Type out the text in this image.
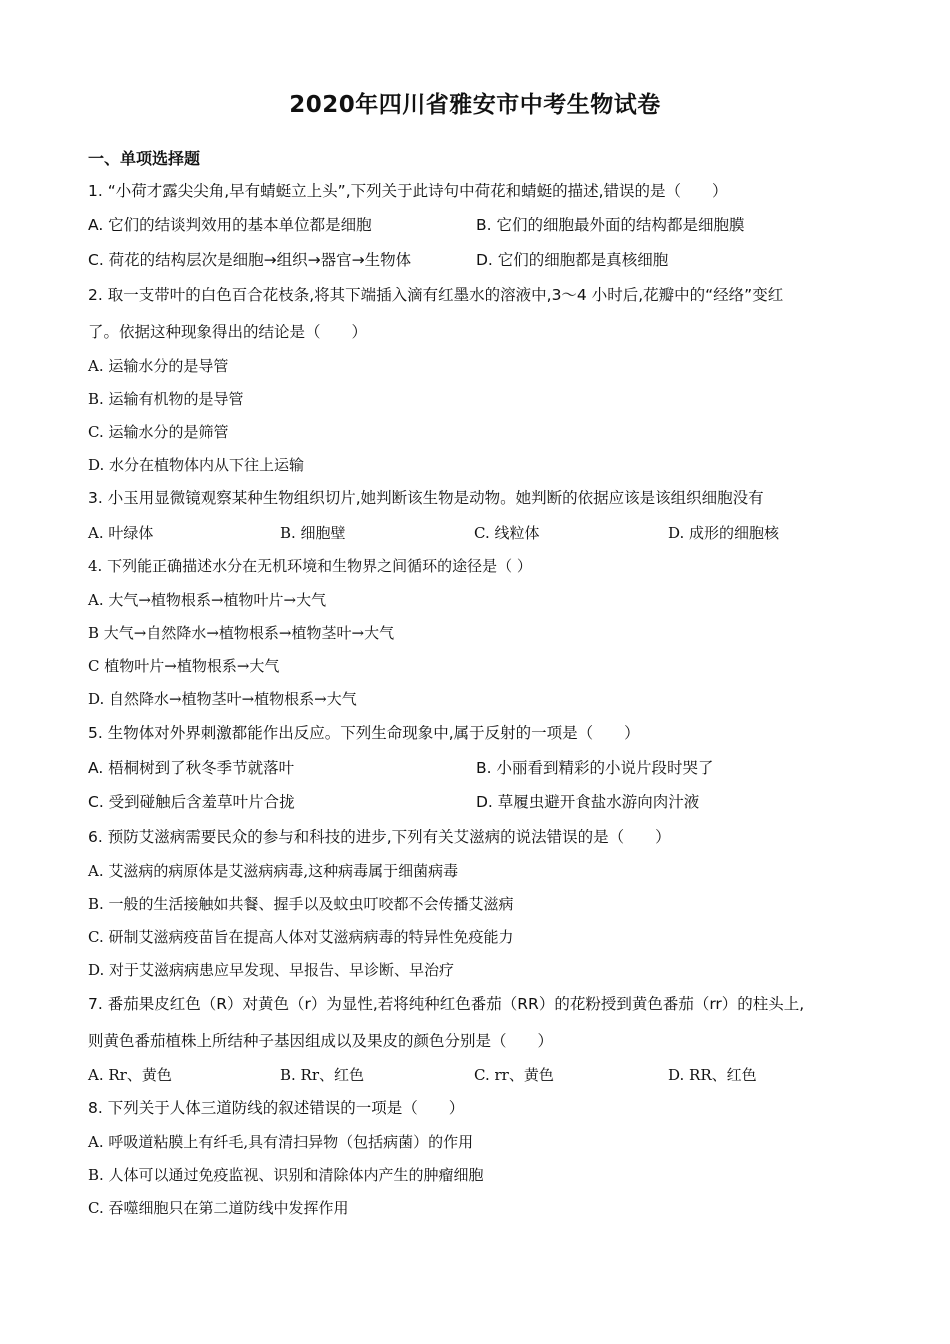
2020年四川省雅安市中考生物试卷
一、单项选择题
1. “小荷才露尖尖角,早有蜻蜓立上头”,下列关于此诗句中荷花和蜻蜓的描述,错误的是（　　）
A. 它们的结谈判效用的基本单位都是细胞	B. 它们的细胞最外面的结构都是细胞膜
C. 荷花的结构层次是细胞→组织→器官→生物体	D. 它们的细胞都是真核细胞
2. 取一支带叶的白色百合花枝条,将其下端插入滴有红墨水的溶液中,3～4 小时后,花瓣中的“经络”变红
了。依据这种现象得出的结论是（　　）
A. 运输水分的是导管
B. 运输有机物的是导管
C. 运输水分的是筛管
D. 水分在植物体内从下往上运输
3. 小玉用显微镜观察某种生物组织切片,她判断该生物是动物。她判断的依据应该是该组织细胞没有
A. 叶绿体	B. 细胞壁	C. 线粒体	D. 成形的细胞核
4. 下列能正确描述水分在无机环境和生物界之间循环的途径是（ ）
A. 大气→植物根系→植物叶片→大气
B 大气→自然降水→植物根系→植物茎叶→大气
C 植物叶片→植物根系→大气
D. 自然降水→植物茎叶→植物根系→大气
5. 生物体对外界刺激都能作出反应。下列生命现象中,属于反射的一项是（　　）
A. 梧桐树到了秋冬季节就落叶	B. 小丽看到精彩的小说片段时哭了
C. 受到碰触后含羞草叶片合拢	D. 草履虫避开食盐水游向肉汁液
6. 预防艾滋病需要民众的参与和科技的进步,下列有关艾滋病的说法错误的是（　　）
A. 艾滋病的病原体是艾滋病病毒,这种病毒属于细菌病毒
B. 一般的生活接触如共餐、握手以及蚊虫叮咬都不会传播艾滋病
C. 研制艾滋病疫苗旨在提高人体对艾滋病病毒的特异性免疫能力
D. 对于艾滋病病患应早发现、早报告、早诊断、早治疗
7. 番茄果皮红色（R）对黄色（r）为显性,若将纯种红色番茄（RR）的花粉授到黄色番茄（rr）的柱头上,
则黄色番茄植株上所结种子基因组成以及果皮的颜色分别是（　　）
A. Rr、黄色	B. Rr、红色	C. rr、黄色	D. RR、红色
8. 下列关于人体三道防线的叙述错误的一项是（　　）
A. 呼吸道粘膜上有纤毛,具有清扫异物（包括病菌）的作用
B. 人体可以通过免疫监视、识别和清除体内产生的肿瘤细胞
C. 吞噬细胞只在第二道防线中发挥作用
